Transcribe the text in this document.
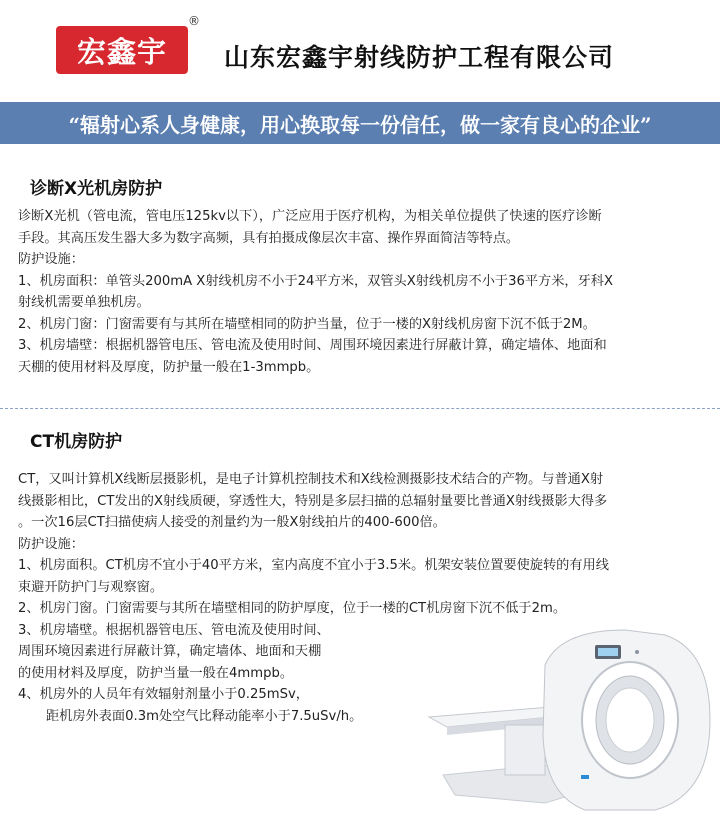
宏鑫宇
®
山东宏鑫宇射线防护工程有限公司
“辐射心系人身健康，用心换取每一份信任，做一家有良心的企业”
诊断X光机房防护
诊断X光机（管电流，管电压125kv以下），广泛应用于医疗机构，为相关单位提供了快速的医疗诊断
手段。其高压发生器大多为数字高频，具有拍摄成像层次丰富、操作界面简洁等特点。
防护设施：
1、机房面积：单管头200mA X射线机房不小于24平方米，双管头X射线机房不小于36平方米，牙科X
射线机需要单独机房。
2、机房门窗：门窗需要有与其所在墙壁相同的防护当量，位于一楼的X射线机房窗下沉不低于2M。
3、机房墙壁：根据机器管电压、管电流及使用时间、周围环境因素进行屏蔽计算，确定墙体、地面和
天棚的使用材料及厚度，防护量一般在1-3mmpb。
CT机房防护
CT，又叫计算机X线断层摄影机，是电子计算机控制技术和X线检测摄影技术结合的产物。与普通X射
线摄影相比，CT发出的X射线质硬，穿透性大，特别是多层扫描的总辐射量要比普通X射线摄影大得多
。一次16层CT扫描使病人接受的剂量约为一般X射线拍片的400-600倍。
防护设施：
1、机房面积。CT机房不宜小于40平方米，室内高度不宜小于3.5米。机架安装位置要使旋转的有用线
束避开防护门与观察窗。
2、机房门窗。门窗需要与其所在墙壁相同的防护厚度，位于一楼的CT机房窗下沉不低于2m。
3、机房墙壁。根据机器管电压、管电流及使用时间、
周围环境因素进行屏蔽计算，确定墙体、地面和天棚
的使用材料及厚度，防护当量一般在4mmpb。
4、机房外的人员年有效辐射剂量小于0.25mSv，
距机房外表面0.3m处空气比释动能率小于7.5uSv/h。
